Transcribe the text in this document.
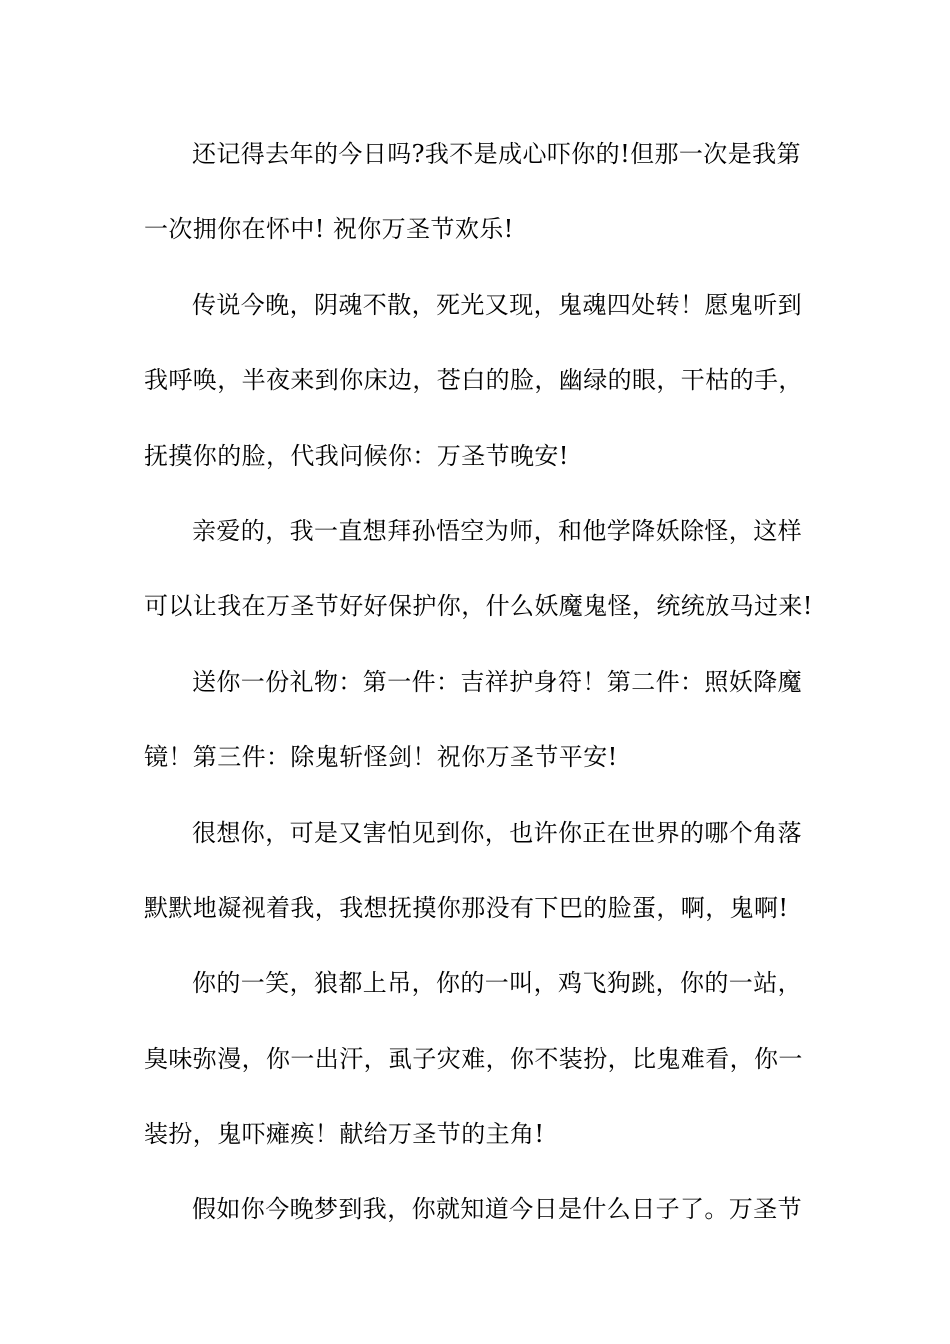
还记得去年的今日吗?我不是成心吓你的!但那一次是我第
一次拥你在怀中! 祝你万圣节欢乐!
传说今晚，阴魂不散，死光又现，鬼魂四处转！愿鬼听到
我呼唤，半夜来到你床边，苍白的脸，幽绿的眼，干枯的手，
抚摸你的脸，代我问候你：万圣节晚安!
亲爱的，我一直想拜孙悟空为师，和他学降妖除怪，这样
可以让我在万圣节好好保护你，什么妖魔鬼怪，统统放马过来!
送你一份礼物：第一件：吉祥护身符！第二件：照妖降魔
镜！第三件：除鬼斩怪剑！祝你万圣节平安!
很想你，可是又害怕见到你，也许你正在世界的哪个角落
默默地凝视着我，我想抚摸你那没有下巴的脸蛋，啊，鬼啊!
你的一笑，狼都上吊，你的一叫，鸡飞狗跳，你的一站，
臭味弥漫，你一出汗，虱子灾难，你不装扮，比鬼难看，你一
装扮，鬼吓瘫痪！献给万圣节的主角!
假如你今晚梦到我，你就知道今日是什么日子了。万圣节
